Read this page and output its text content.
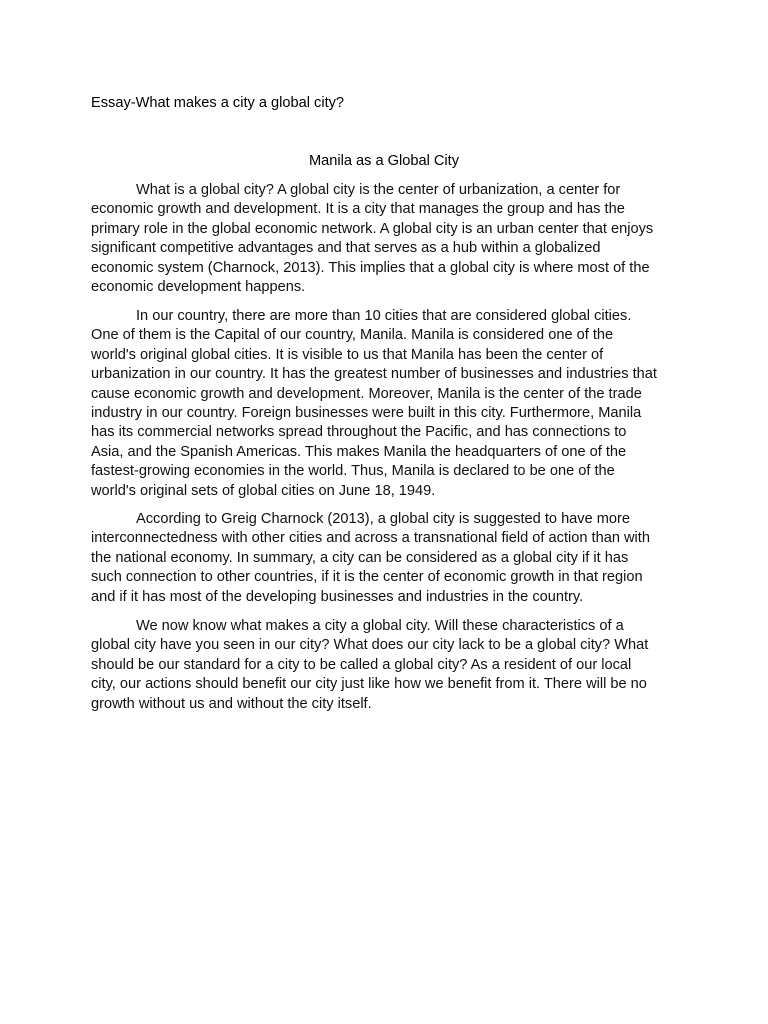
Essay-What makes a city a global city?
Manila as a Global City
What is a global city? A global city is the center of urbanization, a center for
economic growth and development. It is a city that manages the group and has the
primary role in the global economic network. A global city is an urban center that enjoys
significant competitive advantages and that serves as a hub within a globalized
economic system (Charnock, 2013). This implies that a global city is where most of the
economic development happens.
In our country, there are more than 10 cities that are considered global cities.
One of them is the Capital of our country, Manila. Manila is considered one of the
world's original global cities. It is visible to us that Manila has been the center of
urbanization in our country. It has the greatest number of businesses and industries that
cause economic growth and development. Moreover, Manila is the center of the trade
industry in our country. Foreign businesses were built in this city. Furthermore, Manila
has its commercial networks spread throughout the Pacific, and has connections to
Asia, and the Spanish Americas. This makes Manila the headquarters of one of the
fastest-growing economies in the world. Thus, Manila is declared to be one of the
world's original sets of global cities on June 18, 1949.
According to Greig Charnock (2013), a global city is suggested to have more
interconnectedness with other cities and across a transnational field of action than with
the national economy. In summary, a city can be considered as a global city if it has
such connection to other countries, if it is the center of economic growth in that region
and if it has most of the developing businesses and industries in the country.
We now know what makes a city a global city. Will these characteristics of a
global city have you seen in our city? What does our city lack to be a global city? What
should be our standard for a city to be called a global city? As a resident of our local
city, our actions should benefit our city just like how we benefit from it. There will be no
growth without us and without the city itself.
